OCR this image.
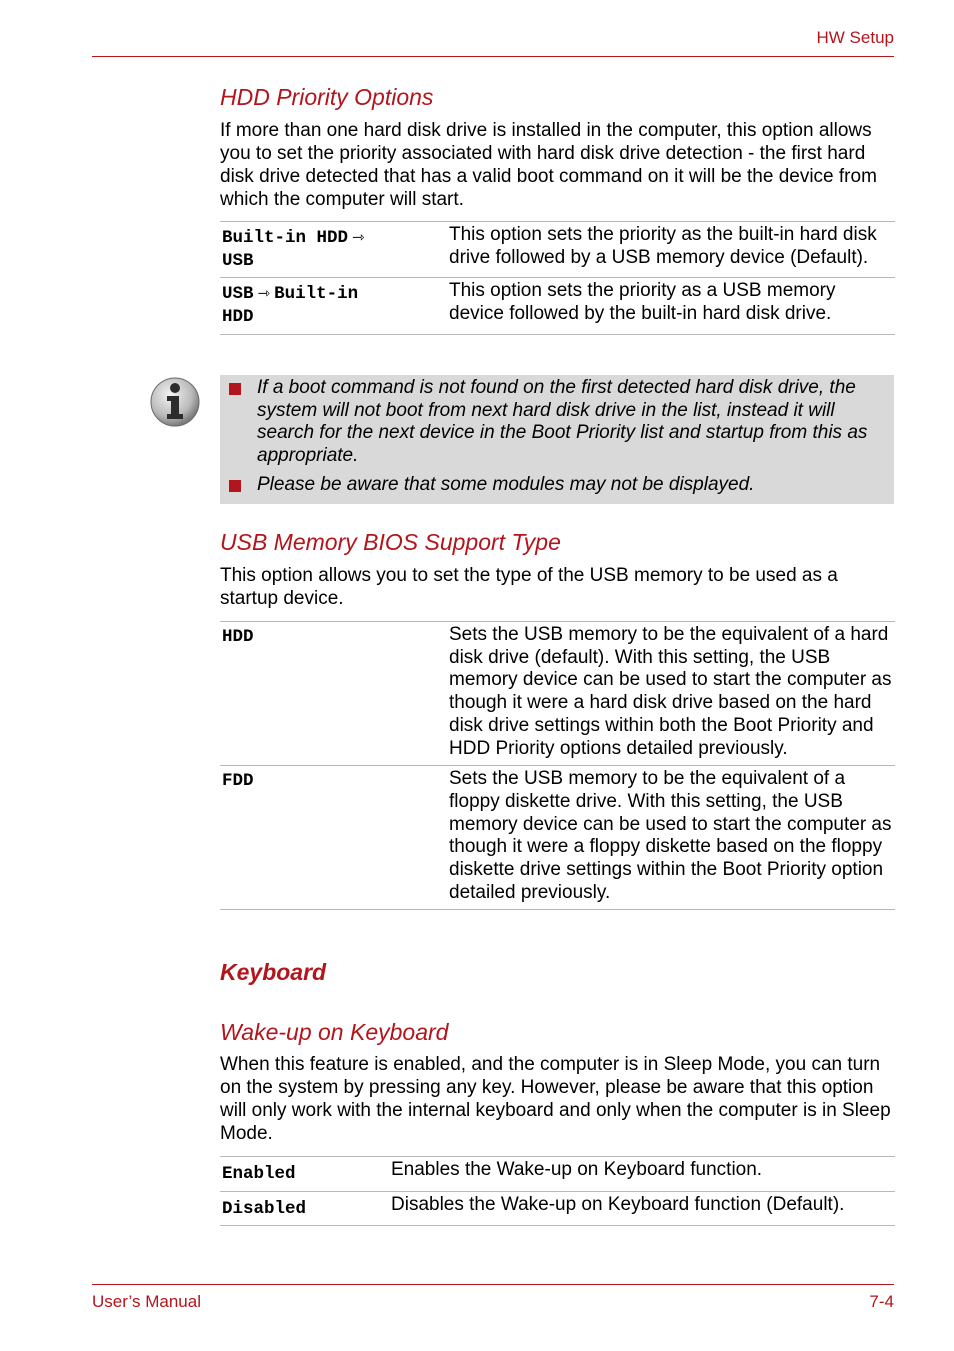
HW Setup
HDD Priority Options
If more than one hard disk drive is installed in the computer, this option allows you to set the priority associated with hard disk drive detection - the first hard disk drive detected that has a valid boot command on it will be the device from which the computer will start.
Built-in HDD ⇾
USB	This option sets the priority as the built-in hard disk drive followed by a USB memory device (Default).

USB ⇾ Built-in
HDD	This option sets the priority as a USB memory device followed by the built-in hard disk drive.
If a boot command is not found on the first detected hard disk drive, the system will not boot from next hard disk drive in the list, instead it will search for the next device in the Boot Priority list and startup from this as appropriate.
Please be aware that some modules may not be displayed.
USB Memory BIOS Support Type
This option allows you to set the type of the USB memory to be used as a startup device.
HDD	Sets the USB memory to be the equivalent of a hard disk drive (default). With this setting, the USB memory device can be used to start the computer as though it were a hard disk drive based on the hard disk drive settings within both the Boot Priority and HDD Priority options detailed previously.
FDD	Sets the USB memory to be the equivalent of a floppy diskette drive. With this setting, the USB memory device can be used to start the computer as though it were a floppy diskette based on the floppy diskette drive settings within the Boot Priority option detailed previously.
Keyboard
Wake-up on Keyboard
When this feature is enabled, and the computer is in Sleep Mode, you can turn on the system by pressing any key. However, please be aware that this option will only work with the internal keyboard and only when the computer is in Sleep Mode.
Enabled	Enables the Wake-up on Keyboard function.
Disabled	Disables the Wake-up on Keyboard function (Default).
User’s Manual	7-4
